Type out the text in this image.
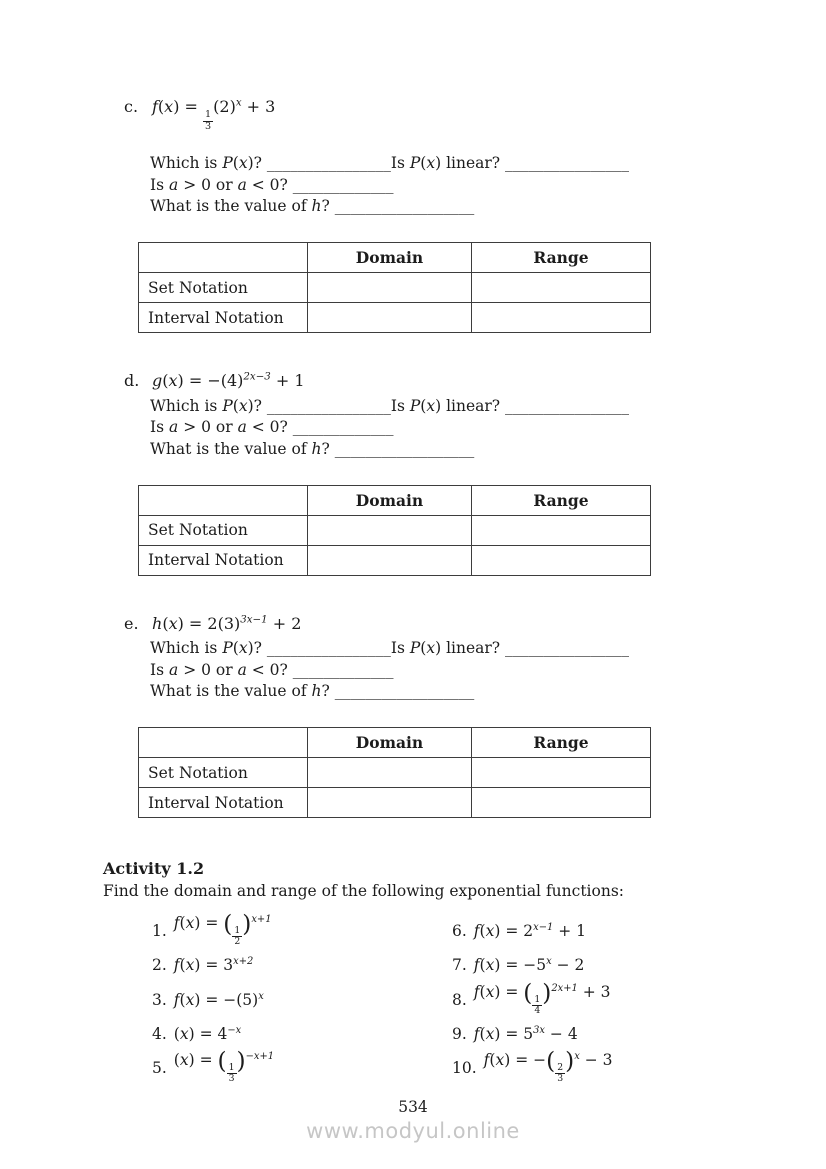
c. f(x) =
$\frac{1}{3}$
$(2)^x + 3$
Which is P(x)? ________________Is P(x) linear? ________________
Is a > 0 or a < 0? _____________
What is the value of h? __________________
	Domain	Range
Set Notation		
Interval Notation		
d. $g(x) = -(4)^{2x-3} + 1$
Which is P(x)? ________________Is P(x) linear? ________________
Is a > 0 or a < 0? _____________
What is the value of h? __________________
	Domain	Range
Set Notation		
Interval Notation		
e. $h(x) = 2(3)^{3x-1} + 2$
Which is P(x)? ________________Is P(x) linear? ________________
Is a > 0 or a < 0? _____________
What is the value of h? __________________
	Domain	Range
Set Notation		
Interval Notation		
Activity 1.2

Find the domain and range of the following exponential functions:

1. f(x) = ( $\frac{1}{2} )^{x+1}$
2. $f(x) = 3^{x+2}$
3. $f(x) = -(5)^x$
4. $(x) = 4^{-x}$
5. (x) = ( $\frac{1}{3} )^{-x+1}$
6. $f(x) = 2^{x-1} + 1$
7. $f(x) = -5^x - 2$
8. f(x) = ( $\frac{1}{4} )^{2x+1} + 3$
9. $f(x) = 5^{3x} - 4$
10. f(x) = −( $\frac{2}{3} )^x - 3$
534
www.modyul.online
